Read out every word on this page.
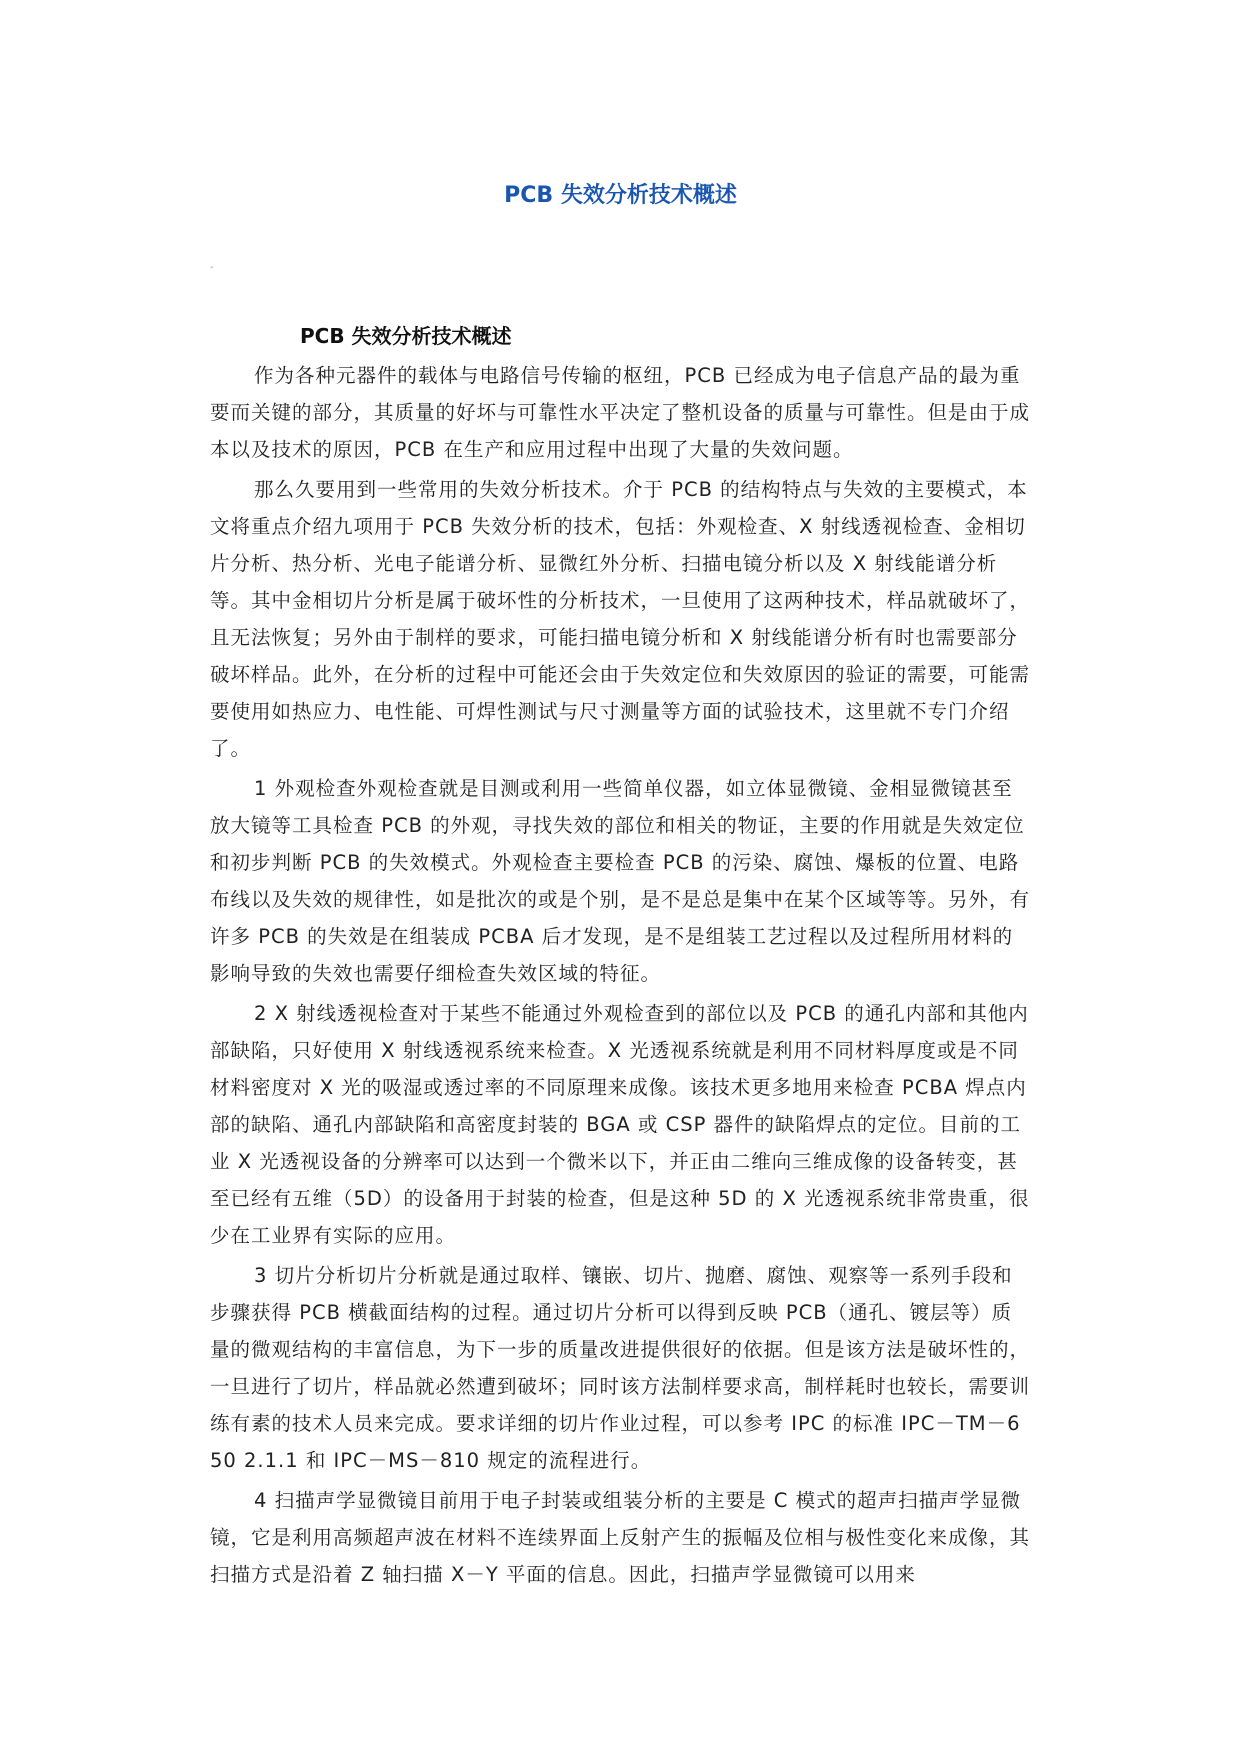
PCB 失效分析技术概述
-
PCB 失效分析技术概述

作为各种元器件的载体与电路信号传输的枢纽，PCB 已经成为电子信息产品的最为重要而关键的部分，其质量的好坏与可靠性水平决定了整机设备的质量与可靠性。但是由于成本以及技术的原因，PCB 在生产和应用过程中出现了大量的失效问题。

那么久要用到一些常用的失效分析技术。介于 PCB 的结构特点与失效的主要模式，本文将重点介绍九项用于 PCB 失效分析的技术，包括：外观检查、X 射线透视检查、金相切片分析、热分析、光电子能谱分析、显微红外分析、扫描电镜分析以及 X 射线能谱分析等。其中金相切片分析是属于破坏性的分析技术，一旦使用了这两种技术，样品就破坏了，且无法恢复；另外由于制样的要求，可能扫描电镜分析和 X 射线能谱分析有时也需要部分破坏样品。此外，在分析的过程中可能还会由于失效定位和失效原因的验证的需要，可能需要使用如热应力、电性能、可焊性测试与尺寸测量等方面的试验技术，这里就不专门介绍了。

1 外观检查外观检查就是目测或利用一些简单仪器，如立体显微镜、金相显微镜甚至放大镜等工具检查 PCB 的外观，寻找失效的部位和相关的物证，主要的作用就是失效定位和初步判断 PCB 的失效模式。外观检查主要检查 PCB 的污染、腐蚀、爆板的位置、电路布线以及失效的规律性，如是批次的或是个别，是不是总是集中在某个区域等等。另外，有许多 PCB 的失效是在组装成 PCBA 后才发现，是不是组装工艺过程以及过程所用材料的影响导致的失效也需要仔细检查失效区域的特征。

2 X 射线透视检查对于某些不能通过外观检查到的部位以及 PCB 的通孔内部和其他内部缺陷，只好使用 X 射线透视系统来检查。X 光透视系统就是利用不同材料厚度或是不同材料密度对 X 光的吸湿或透过率的不同原理来成像。该技术更多地用来检查 PCBA 焊点内部的缺陷、通孔内部缺陷和高密度封装的 BGA 或 CSP 器件的缺陷焊点的定位。目前的工业 X 光透视设备的分辨率可以达到一个微米以下，并正由二维向三维成像的设备转变，甚至已经有五维（5D）的设备用于封装的检查，但是这种 5D 的 X 光透视系统非常贵重，很少在工业界有实际的应用。

3 切片分析切片分析就是通过取样、镶嵌、切片、抛磨、腐蚀、观察等一系列手段和步骤获得 PCB 横截面结构的过程。通过切片分析可以得到反映 PCB（通孔、镀层等）质量的微观结构的丰富信息，为下一步的质量改进提供很好的依据。但是该方法是破坏性的，一旦进行了切片，样品就必然遭到破坏；同时该方法制样要求高，制样耗时也较长，需要训练有素的技术人员来完成。要求详细的切片作业过程，可以参考 IPC 的标准 IPC－TM－650 2.1.1 和 IPC－MS－810 规定的流程进行。

4 扫描声学显微镜目前用于电子封装或组装分析的主要是 C 模式的超声扫描声学显微镜，它是利用高频超声波在材料不连续界面上反射产生的振幅及位相与极性变化来成像，其扫描方式是沿着 Z 轴扫描 X－Y 平面的信息。因此，扫描声学显微镜可以用来
